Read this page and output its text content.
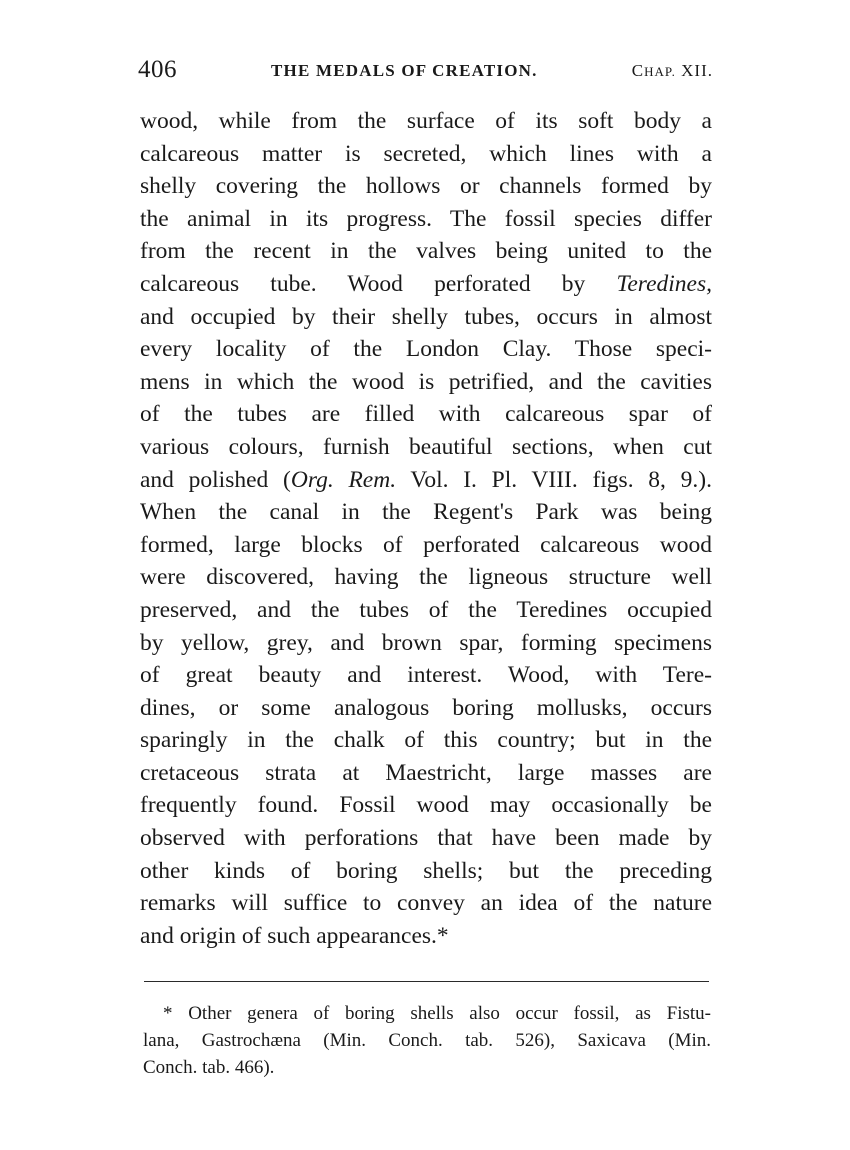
406	THE MEDALS OF CREATION.	CHAP. XII.
wood, while from the surface of its soft body a
calcareous matter is secreted, which lines with a
shelly covering the hollows or channels formed by
the animal in its progress. The fossil species differ
from the recent in the valves being united to the
calcareous tube. Wood perforated by Teredines,
and occupied by their shelly tubes, occurs in almost
every locality of the London Clay. Those speci-
mens in which the wood is petrified, and the cavities
of the tubes are filled with calcareous spar of
various colours, furnish beautiful sections, when cut
and polished (Org. Rem. Vol. I. Pl. VIII. figs. 8, 9.).
When the canal in the Regent's Park was being
formed, large blocks of perforated calcareous wood
were discovered, having the ligneous structure well
preserved, and the tubes of the Teredines occupied
by yellow, grey, and brown spar, forming specimens
of great beauty and interest. Wood, with Tere-
dines, or some analogous boring mollusks, occurs
sparingly in the chalk of this country; but in the
cretaceous strata at Maestricht, large masses are
frequently found. Fossil wood may occasionally be
observed with perforations that have been made by
other kinds of boring shells; but the preceding
remarks will suffice to convey an idea of the nature
and origin of such appearances.*
* Other genera of boring shells also occur fossil, as Fistu-
lana, Gastrochæna (Min. Conch. tab. 526), Saxicava (Min.
Conch. tab. 466).
